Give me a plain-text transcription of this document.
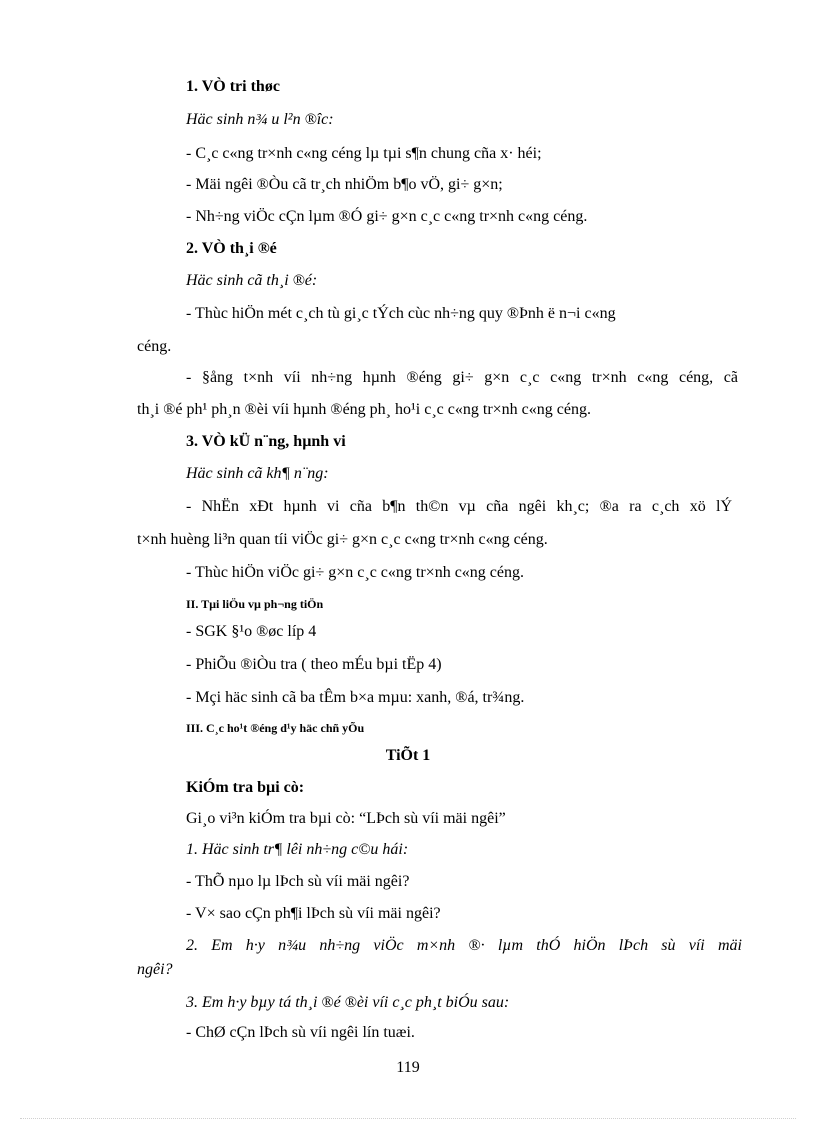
1. VÒ tri thøc
Häc sinh n¾ u l²n ®îc:
- C¸c c«ng tr×nh c«ng céng lµ tµi s¶n chung cña x· héi;
- Mäi ngêi ®Òu cã tr¸ch nhiÖm b¶o vÖ, gi÷ g×n;
- Nh÷ng viÖc cÇn lµm ®Ó gi÷ g×n c¸c c«ng tr×nh c«ng céng.
2. VÒ th¸i ®é
Häc sinh cã th¸i ®é:
- Thùc hiÖn mét c¸ch tù gi¸c tÝch cùc nh÷ng quy ®Þnh ë n¬i c«ng
céng.
- §ång t×nh víi nh÷ng hµnh ®éng gi÷ g×n c¸c c«ng tr×nh c«ng céng, cã
th¸i ®é ph¹ ph¸n ®èi víi hµnh ®éng ph¸ ho¹i c¸c c«ng tr×nh c«ng céng.
3. VÒ kÜ n¨ng, hµnh vi
Häc sinh cã kh¶ n¨ng:
- NhËn xÐt hµnh vi cña b¶n th©n vµ cña ngêi kh¸c; ®a ra c¸ch xö lÝ
t×nh huèng li³n quan tíi viÖc gi÷ g×n c¸c c«ng tr×nh c«ng céng.
- Thùc hiÖn viÖc gi÷ g×n c¸c c«ng tr×nh c«ng céng.
II. Tµi liÖu vµ ph¬ng tiÖn
- SGK §¹o ®øc líp 4
- PhiÕu ®iÒu tra ( theo mÉu bµi tËp 4)
- Mçi häc sinh cã ba tÊm b×a mµu: xanh, ®á, tr¾ng.
III. C¸c ho¹t ®éng d¹y häc chñ yÕu
TiÕt 1
KiÓm tra bµi cò:
Gi¸o vi³n kiÓm tra bµi cò: “LÞch sù víi mäi ngêi”
1. Häc sinh tr¶ lêi nh÷ng c©u hái:
- ThÕ nµo lµ lÞch sù víi mäi ngêi?
- V× sao cÇn ph¶i lÞch sù víi mäi ngêi?
2. Em h·y n¾u nh÷ng viÖc m×nh ®· lµm thÓ hiÖn lÞch sù víi mäi
ngêi?
3. Em h·y bµy tá th¸i ®é ®èi víi c¸c ph¸t biÓu sau:
- ChØ cÇn lÞch sù víi ngêi lín tuæi.
119
